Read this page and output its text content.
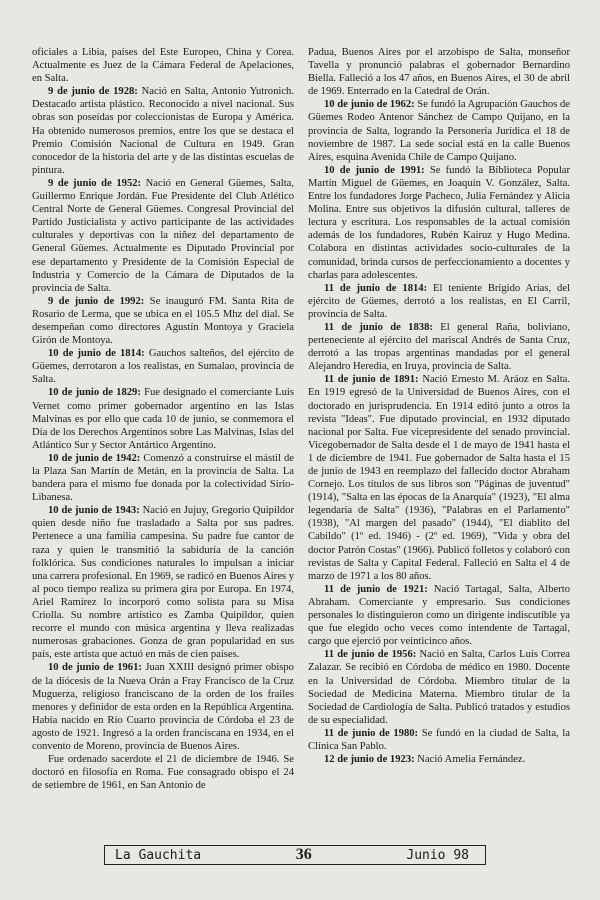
oficiales a Libia, países del Este Europeo, China y Corea. Actualmente es Juez de la Cámara Federal de Apelaciones, en Salta.

9 de junio de 1928: Nació en Salta, Antonio Yutronich. Destacado artista plástico. Reconocido a nivel nacional. Sus obras son poseídas por coleccionistas de Europa y América. Ha obtenido numerosos premios, entre los que se destaca el Premio Comisión Nacional de Cultura en 1949. Gran conocedor de la historia del arte y de las distintas escuelas de pintura.

9 de junio de 1952: Nació en General Güemes, Salta, Guillermo Enrique Jordán. Fue Presidente del Club Atlético Central Norte de General Güemes. Congresal Provincial del Partido Justicialista y activo participante de las actividades culturales y deportivas con la niñez del departamento de General Güemes. Actualmente es Diputado Provincial por ese departamento y Presidente de la Comisión Especial de Industria y Comercio de la Cámara de Diputados de la provincia de Salta.

9 de junio de 1992: Se inauguró FM. Santa Rita de Rosario de Lerma, que se ubica en el 105.5 Mhz del dial. Se desempeñan como directores Agustín Montoya y Graciela Girón de Montoya.

10 de junio de 1814: Gauchos salteños, del ejército de Güemes, derrotaron a los realistas, en Sumalao, provincia de Salta.

10 de junio de 1829: Fue designado el comerciante Luis Vernet como primer gobernador argentino en las Islas Malvinas es por ello que cada 10 de junio, se conmemora el Día de los Derechos Argentinos sobre Las Malvinas, Islas del Atlántico Sur y Sector Antártico Argentino.

10 de junio de 1942: Comenzó a construirse el mástil de la Plaza San Martín de Metán, en la provincia de Salta. La bandera para el mismo fue donada por la colectividad Sirio-Libanesa.

10 de junio de 1943: Nació en Jujuy, Gregorio Quipildor quien desde niño fue trasladado a Salta por sus padres. Pertenece a una familia campesina. Su padre fue cantor de raza y quien le transmitió la sabiduría de la canción folklórica. Sus condiciones naturales lo impulsan a iniciar una carrera profesional. En 1969, se radicó en Buenos Aires y al poco tiempo realiza su primera gira por Europa. En 1974, Ariel Ramírez lo incorporó como solista para su Misa Criolla. Su nombre artístico es Zamba Quipildor, quien recorre el mundo con música argentina y lleva realizadas numerosas grabaciones. Gonza de gran popularidad en sus país, este artista que actuó en más de cien países.

10 de junio de 1961: Juan XXIII designó primer obispo de la diócesis de la Nueva Orán a Fray Francisco de la Cruz Muguerza, religioso franciscano de la orden de los frailes menores y definidor de esta orden en la República Argentina. Había nacido en Río Cuarto provincia de Córdoba el 23 de agosto de 1921. Ingresó a la orden franciscana en 1934, en el convento de Moreno, provincia de Buenos Aires.

Fue ordenado sacerdote el 21 de diciembre de 1946. Se doctoró en filosofía en Roma. Fue consagrado obispo el 24 de setiembre de 1961, en San Antonio de

Padua, Buenos Aires por el arzobispo de Salta, monseñor Tavella y pronunció palabras el gobernador Bernardino Biella. Falleció a los 47 años, en Buenos Aires, el 30 de abril de 1969. Enterrado en la Catedral de Orán.

10 de junio de 1962: Se fundó la Agrupación Gauchos de Güemes Rodeo Antenor Sánchez de Campo Quijano, en la provincia de Salta, logrando la Personería Jurídica el 18 de noviembre de 1987. La sede social está en la calle Buenos Aires, esquina Avenida Chile de Campo Quijano.

10 de junio de 1991: Se fundó la Biblioteca Popular Martín Miguel de Güemes, en Joaquín V. González, Salta. Entre los fundadores Jorge Pacheco, Julia Fernández y Alicia Molina. Entre sus objetivos la difusión cultural, talleres de lectura y escritura. Los responsables de la actual comisión además de los fundadores, Rubén Kairuz y Hugo Medina. Colabora en distintas actividades socio-culturales de la comunidad, brinda cursos de perfeccionamiento a docentes y charlas para adolescentes.

11 de junio de 1814: El teniente Brígido Arias, del ejército de Güemes, derrotó a los realistas, en El Carril, provincia de Salta.

11 de junio de 1838: El general Raña, boliviano, perteneciente al ejército del mariscal Andrés de Santa Cruz, derrotó a las tropas argentinas mandadas por el general Alejandro Heredia, en Iruya, provincia de Salta.

11 de junio de 1891: Nació Ernesto M. Aráoz en Salta. En 1919 egresó de la Universidad de Buenos Aires, con el doctorado en jurisprudencia. En 1914 editó junto a otros la revista "Ideas". Fue diputado provincial, en 1932 diputado nacional por Salta. Fue vicepresidente del senado provincial. Vicegobernador de Salta desde el 1 de mayo de 1941 hasta el 1 de diciembre de 1941. Fue gobernador de Salta hasta el 15 de junio de 1943 en reemplazo del fallecido doctor Abraham Cornejo. Los títulos de sus libros son "Páginas de juventud" (1914), "Salta en las épocas de la Anarquía" (1923), "El alma legendaria de Salta" (1936), "Palabras en el Parlamento" (1938), "Al margen del pasado" (1944), "El diablito del Cabildo" (1º ed. 1946) - (2º ed. 1969), "Vida y obra del doctor Patrón Costas" (1966). Publicó folletos y colaboró con revistas de Salta y Capital Federal. Falleció en Salta el 4 de marzo de 1971 a los 80 años.

11 de junio de 1921: Nació Tartagal, Salta, Alberto Abraham. Comerciante y empresario. Sus condiciones personales lo distinguieron como un dirigente indiscutible ya que fue elegido ocho veces como intendente de Tartagal, cargo que ejerció por veinticinco años.

11 de junio de 1956: Nació en Salta, Carlos Luis Correa Zalazar. Se recibió en Córdoba de médico en 1980. Docente en la Universidad de Córdoba. Miembro titular de la Sociedad de Medicina Materna. Miembro titular de la Sociedad de Cardiología de Salta. Publicó tratados y estudios de su especialidad.

11 de junio de 1980: Se fundó en la ciudad de Salta, la Clínica San Pablo.

12 de junio de 1923: Nació Amelia Fernández.

La Gauchita	36	Junio 98
